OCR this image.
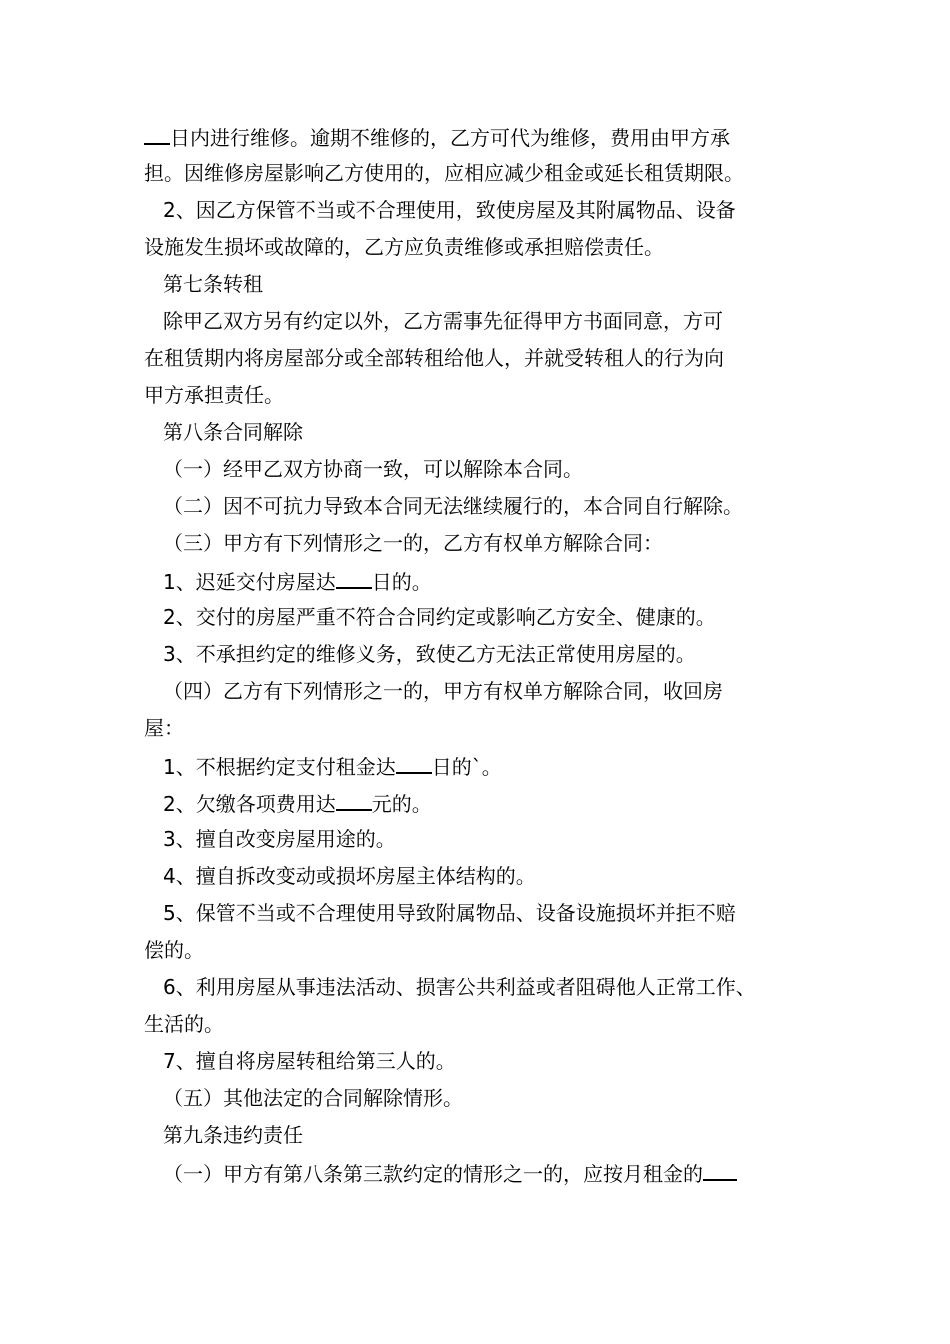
日内进行维修。逾期不维修的，乙方可代为维修，费用由甲方承
担。因维修房屋影响乙方使用的，应相应减少租金或延长租赁期限。
2、因乙方保管不当或不合理使用，致使房屋及其附属物品、设备
设施发生损坏或故障的，乙方应负责维修或承担赔偿责任。
第七条转租
除甲乙双方另有约定以外，乙方需事先征得甲方书面同意，方可
在租赁期内将房屋部分或全部转租给他人，并就受转租人的行为向
甲方承担责任。
第八条合同解除
（一）经甲乙双方协商一致，可以解除本合同。
（二）因不可抗力导致本合同无法继续履行的，本合同自行解除。
（三）甲方有下列情形之一的，乙方有权单方解除合同：
1、迟延交付房屋达 日的。
2、交付的房屋严重不符合合同约定或影响乙方安全、健康的。
3、不承担约定的维修义务，致使乙方无法正常使用房屋的。
（四）乙方有下列情形之一的，甲方有权单方解除合同，收回房
屋：
1、不根据约定支付租金达 日的`。
2、欠缴各项费用达 元的。
3、擅自改变房屋用途的。
4、擅自拆改变动或损坏房屋主体结构的。
5、保管不当或不合理使用导致附属物品、设备设施损坏并拒不赔
偿的。
6、利用房屋从事违法活动、损害公共利益或者阻碍他人正常工作、
生活的。
7、擅自将房屋转租给第三人的。
（五）其他法定的合同解除情形。
第九条违约责任
（一）甲方有第八条第三款约定的情形之一的，应按月租金的
